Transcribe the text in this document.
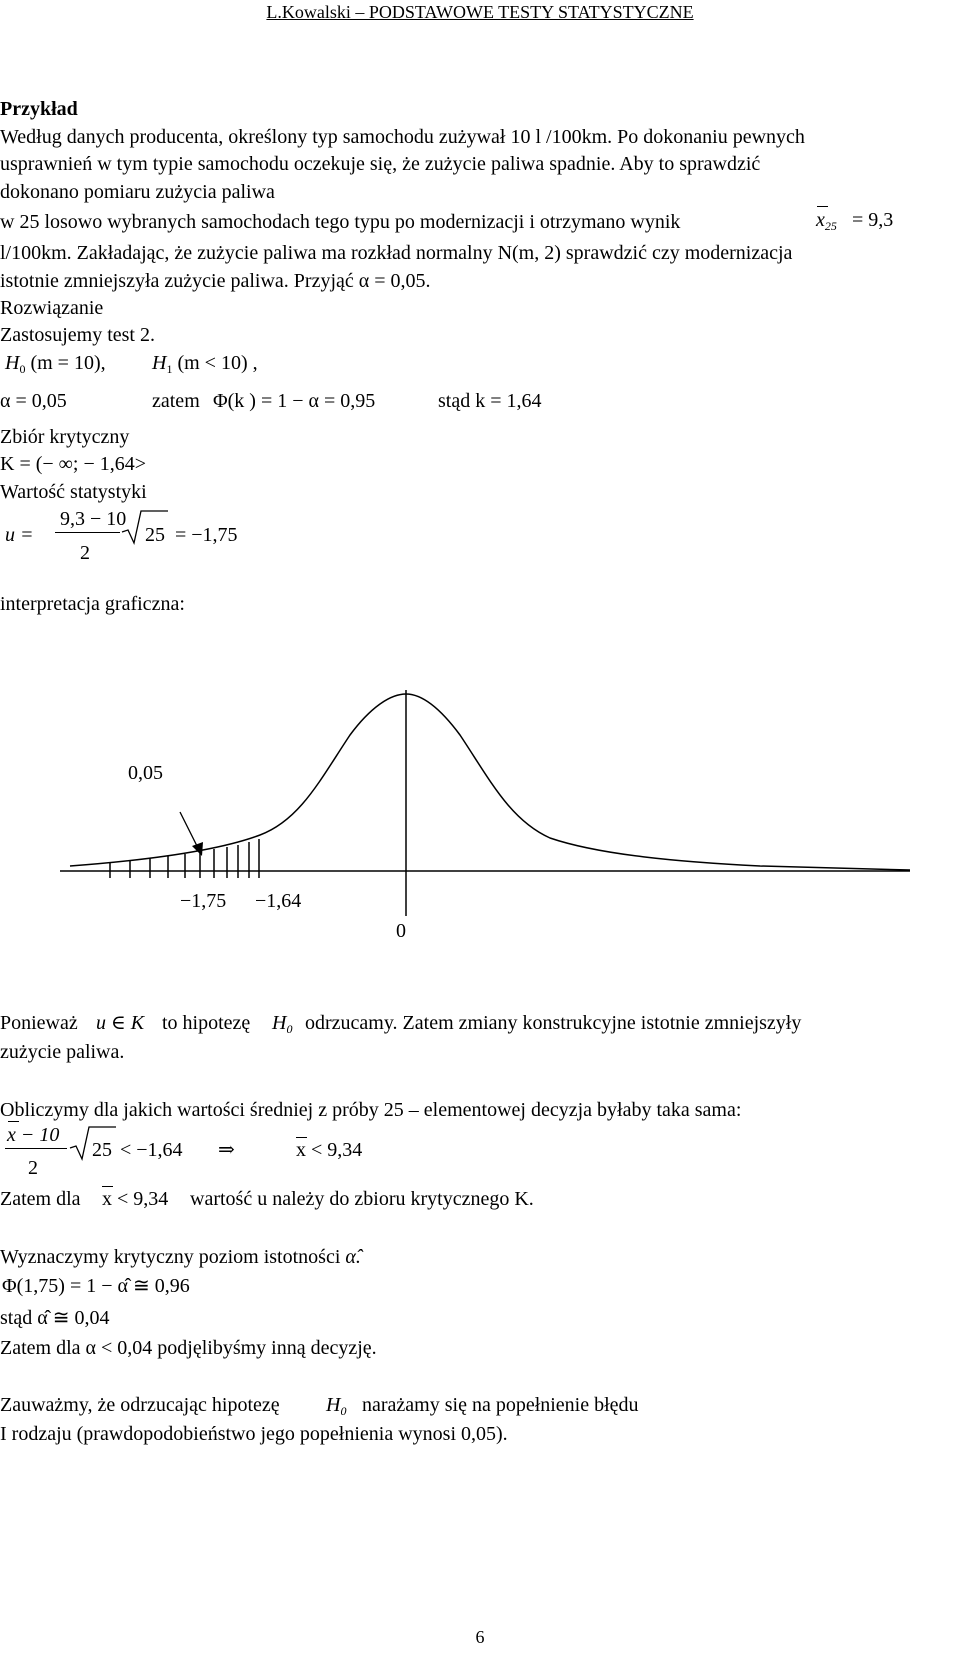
L.Kowalski – PODSTAWOWE TESTY STATYSTYCZNE
Przykład
Według danych producenta, określony typ samochodu zużywał 10 l /100km. Po dokonaniu pewnych
usprawnień w tym typie samochodu oczekuje się, że zużycie paliwa spadnie. Aby to sprawdzić
dokonano pomiaru zużycia paliwa
w 25 losowo wybranych samochodach tego typu po modernizacji i otrzymano wynik	$x_{25} = 9,3$
l/100km. Zakładając, że zużycie paliwa ma rozkład normalny N(m, 2) sprawdzić czy modernizacja
istotnie zmniejszyła zużycie paliwa. Przyjąć α = 0,05.
Rozwiązanie
Zastosujemy test 2.
$H_0$ (m = 10), $H_1$ (m < 10) ,
α = 0,05	zatem Φ(k ) = 1 − α = 0,95	stąd k = 1,64
Zbiór krytyczny
K = (− ∞; − 1,64>
Wartość statystyki
u =
9,3 − 10
2
25 = −1,75
interpretacja graficzna:
0,05
−1,75 −1,64
0
Ponieważ u ∈ K to hipotezę $H_0$ odrzucamy. Zatem zmiany konstrukcyjne istotnie zmniejszyły
zużycie paliwa.
Obliczymy dla jakich wartości średniej z próby 25 – elementowej decyzja byłaby taka sama:
x − 10
2
25 < −1,64 ⇒	x < 9,34
Zatem dla x < 9,34 wartość u należy do zbioru krytycznego K.
Wyznaczymy krytyczny poziom istotności α̂.
Φ(1,75) = 1 − α̂ ≅ 0,96
stąd α̂ ≅ 0,04
Zatem dla α < 0,04 podjęlibyśmy inną decyzję.
Zauważmy, że odrzucając hipotezę $H_0$ narażamy się na popełnienie błędu
I rodzaju (prawdopodobieństwo jego popełnienia wynosi 0,05).
6
